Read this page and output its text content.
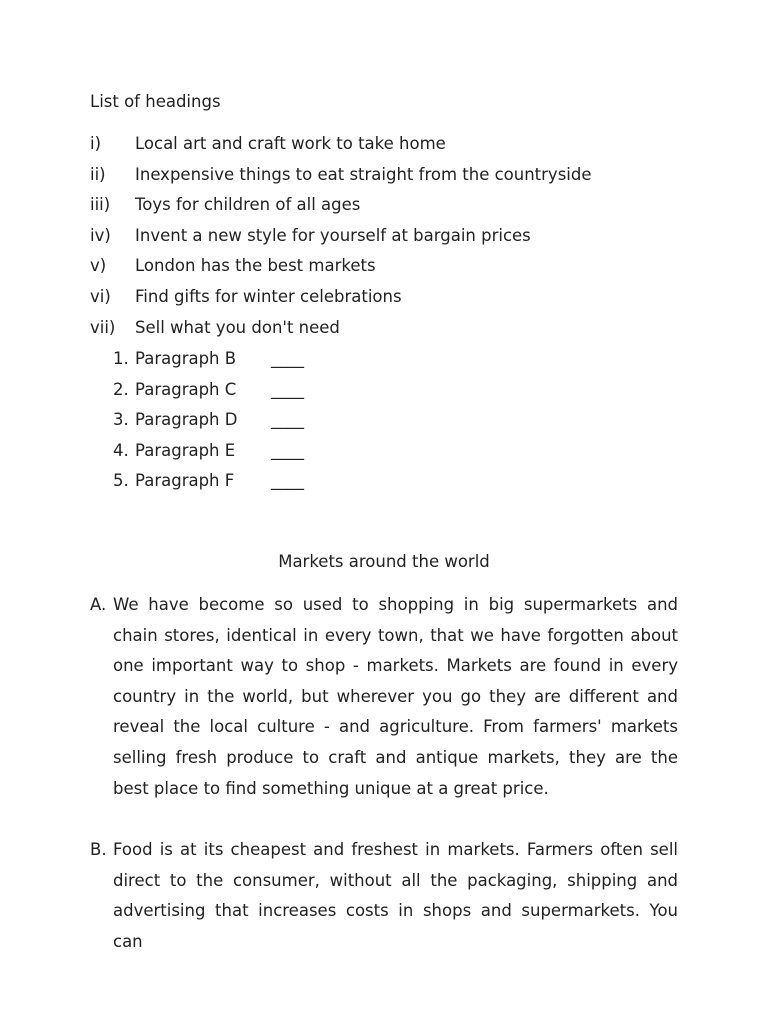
List of headings
i) Local art and craft work to take home
ii) Inexpensive things to eat straight from the countryside
iii) Toys for children of all ages
iv) Invent a new style for yourself at bargain prices
v) London has the best markets
vi) Find gifts for winter celebrations
vii) Sell what you don't need
1. Paragraph B ____
2. Paragraph C ____
3. Paragraph D ____
4. Paragraph E ____
5. Paragraph F ____
Markets around the world

A. We have become so used to shopping in big supermarkets and chain stores, identical in every town, that we have forgotten about one important way to shop - markets. Markets are found in every country in the world, but wherever you go they are different and reveal the local culture - and agriculture. From farmers' markets selling fresh produce to craft and antique markets, they are the best place to find something unique at a great price.

B. Food is at its cheapest and freshest in markets. Farmers often sell direct to the consumer, without all the packaging, shipping and advertising that increases costs in shops and supermarkets. You can
